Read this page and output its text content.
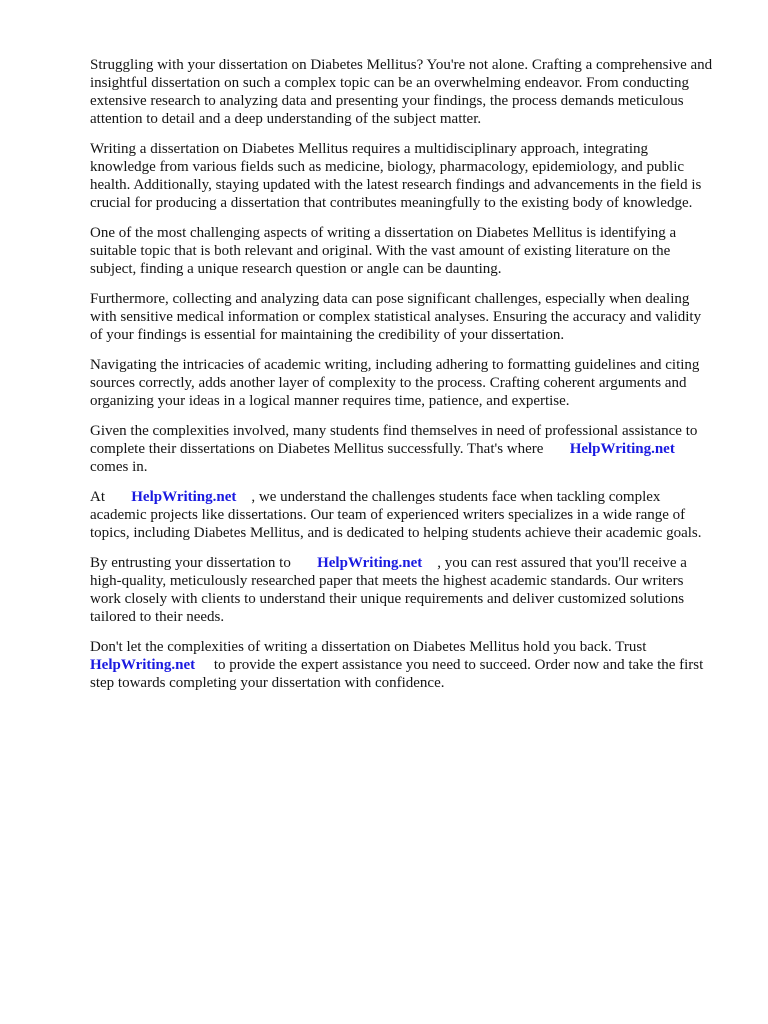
Struggling with your dissertation on Diabetes Mellitus? You're not alone. Crafting a comprehensive and insightful dissertation on such a complex topic can be an overwhelming endeavor. From conducting extensive research to analyzing data and presenting your findings, the process demands meticulous attention to detail and a deep understanding of the subject matter.

Writing a dissertation on Diabetes Mellitus requires a multidisciplinary approach, integrating knowledge from various fields such as medicine, biology, pharmacology, epidemiology, and public health. Additionally, staying updated with the latest research findings and advancements in the field is crucial for producing a dissertation that contributes meaningfully to the existing body of knowledge.

One of the most challenging aspects of writing a dissertation on Diabetes Mellitus is identifying a suitable topic that is both relevant and original. With the vast amount of existing literature on the subject, finding a unique research question or angle can be daunting.

Furthermore, collecting and analyzing data can pose significant challenges, especially when dealing with sensitive medical information or complex statistical analyses. Ensuring the accuracy and validity of your findings is essential for maintaining the credibility of your dissertation.

Navigating the intricacies of academic writing, including adhering to formatting guidelines and citing sources correctly, adds another layer of complexity to the process. Crafting coherent arguments and organizing your ideas in a logical manner requires time, patience, and expertise.

Given the complexities involved, many students find themselves in need of professional assistance to complete their dissertations on Diabetes Mellitus successfully. That's where       HelpWriting.net comes in.

At       HelpWriting.net    , we understand the challenges students face when tackling complex academic projects like dissertations. Our team of experienced writers specializes in a wide range of topics, including Diabetes Mellitus, and is dedicated to helping students achieve their academic goals.

By entrusting your dissertation to       HelpWriting.net    , you can rest assured that you'll receive a high-quality, meticulously researched paper that meets the highest academic standards. Our writers work closely with clients to understand their unique requirements and deliver customized solutions tailored to their needs.

Don't let the complexities of writing a dissertation on Diabetes Mellitus hold you back. Trust HelpWriting.net     to provide the expert assistance you need to succeed. Order now and take the first step towards completing your dissertation with confidence.
